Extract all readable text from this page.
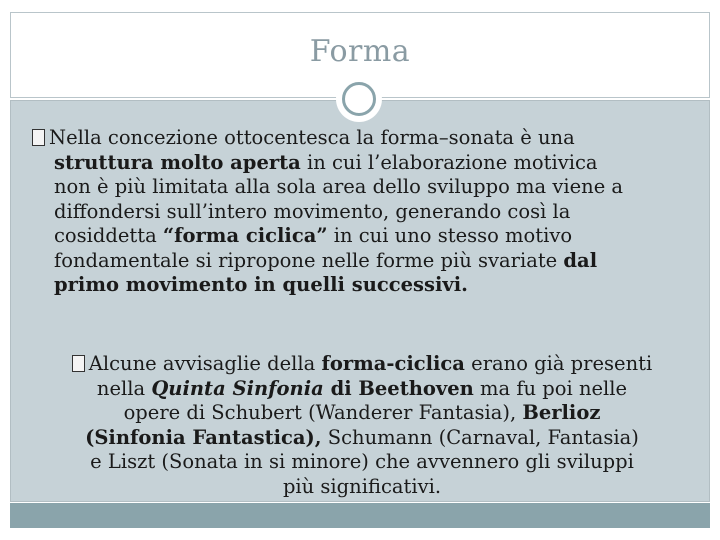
Forma
Nella concezione ottocentesca la forma–sonata è una
struttura molto aperta in cui l’elaborazione motivica
non è più limitata alla sola area dello sviluppo ma viene a
diffondersi sull’intero movimento, generando così la
cosiddetta “forma ciclica” in cui uno stesso motivo
fondamentale si ripropone nelle forme più svariate dal
primo movimento in quelli successivi.
Alcune avvisaglie della forma-ciclica erano già presenti
nella Quinta Sinfonia di Beethoven ma fu poi nelle
opere di Schubert (Wanderer Fantasia), Berlioz
(Sinfonia Fantastica), Schumann (Carnaval, Fantasia)
e Liszt (Sonata in si minore) che avvennero gli sviluppi
più significativi.
